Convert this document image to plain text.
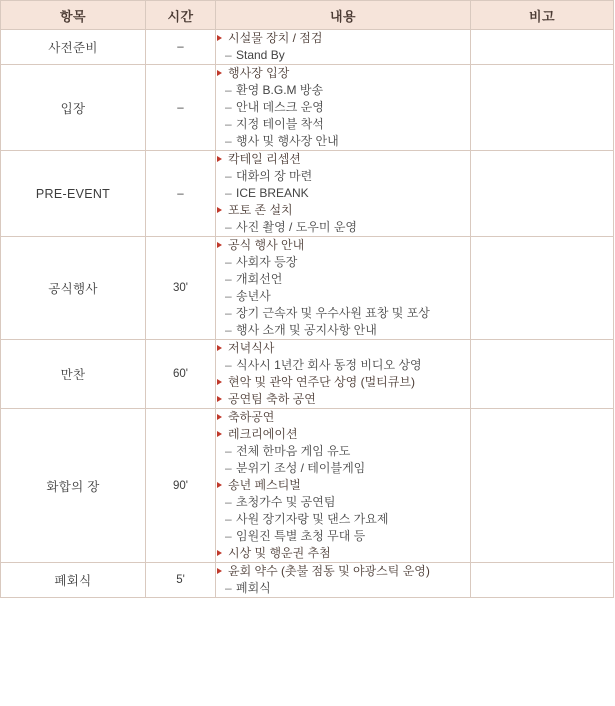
항목	시간	내용	비고
사전준비	–	
시설물 장치 / 점검
– Stand By

입장	–	
행사장 입장
– 환영 B.G.M 방송
– 안내 데스크 운영
– 지정 테이블 착석
– 행사 및 행사장 안내

PRE-EVENT	–	
칵테일 리셉션
– 대화의 장 마련
– ICE BREANK
포토 존 설치
– 사진 촬영 / 도우미 운영

공식행사	30'	
공식 행사 안내
– 사회자 등장
– 개회선언
– 송년사
– 장기 근속자 및 우수사원 표창 및 포상
– 행사 소개 및 공지사항 안내

만찬	60'	
저녁식사
– 식사시 1년간 회사 동정 비디오 상영
현악 및 관악 연주단 상영 (멀티큐브)
공연팀 축하 공연

화합의 장	90'	
축하공연
레크리에이션
– 전체 한마음 게임 유도
– 분위기 조성 / 테이블게임
송년 페스티벌
– 초청가수 및 공연팀
– 사원 장기자랑 및 댄스 가요제
– 임원진 특별 초청 무대 등
시상 및 행운권 추첨

폐회식	5'	
윤회 약수 (촛불 점동 및 야광스틱 운영)
– 폐회식
